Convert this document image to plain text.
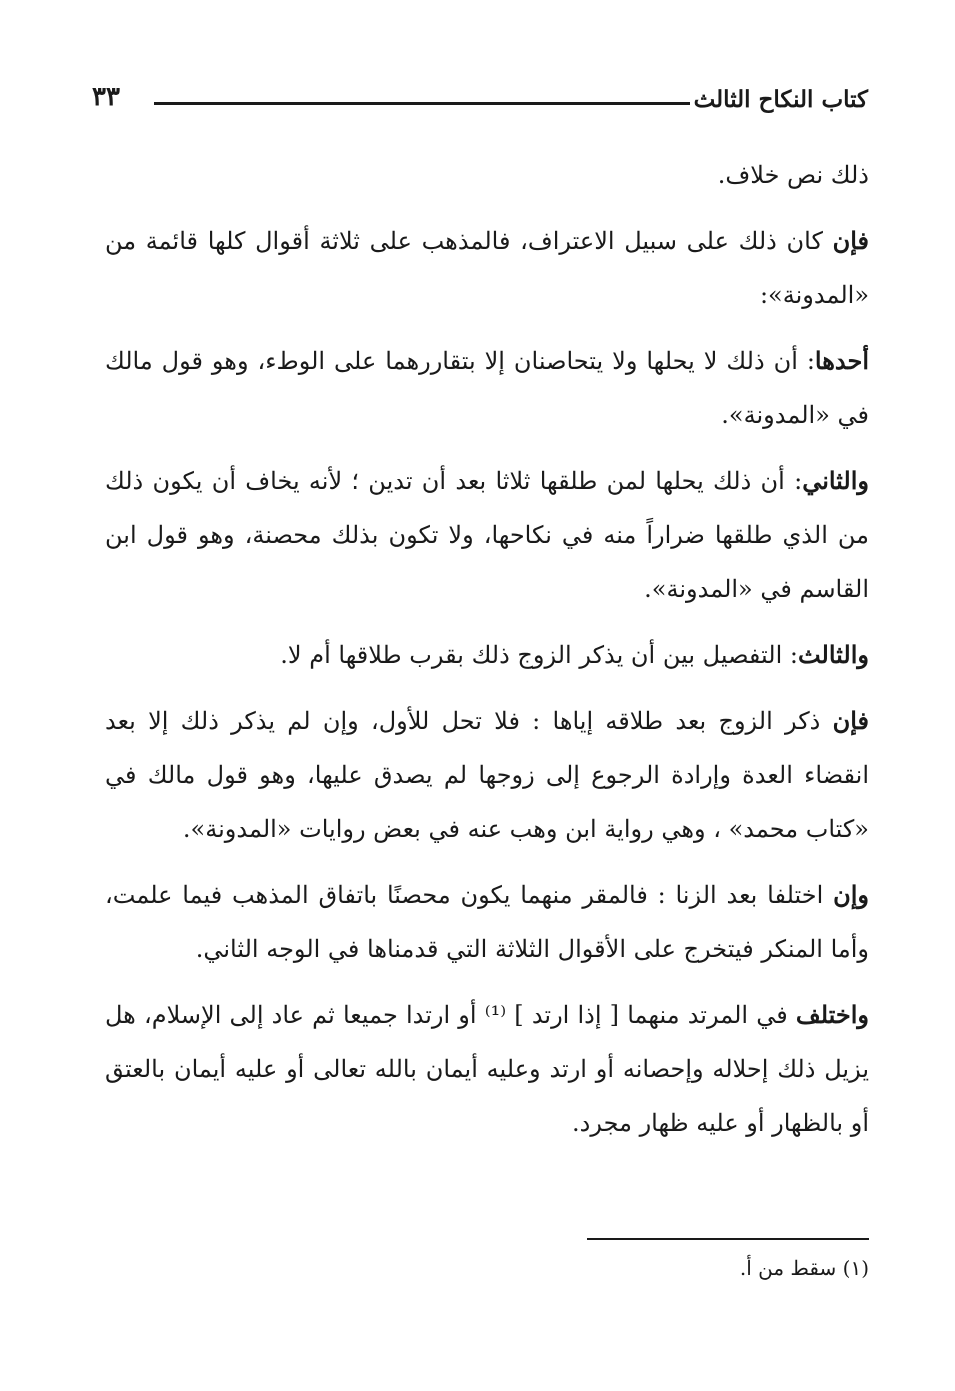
كتاب النكاح الثالث
٣٣

ذلك نص خلاف.

فإن كان ذلك على سبيل الاعتراف، فالمذهب على ثلاثة أقوال كلها قائمة من «المدونة»:

أحدها: أن ذلك لا يحلها ولا يتحاصنان إلا بتقاررهما على الوطء، وهو قول مالك في «المدونة».

والثاني: أن ذلك يحلها لمن طلقها ثلاثا بعد أن تدين ؛ لأنه يخاف أن يكون ذلك من الذي طلقها ضراراً منه في نكاحها، ولا تكون بذلك محصنة، وهو قول ابن القاسم في «المدونة».

والثالث: التفصيل بين أن يذكر الزوج ذلك بقرب طلاقها أم لا.

فإن ذكر الزوج بعد طلاقه إياها : فلا تحل للأول، وإن لم يذكر ذلك إلا بعد انقضاء العدة وإرادة الرجوع إلى زوجها لم يصدق عليها، وهو قول مالك في «كتاب محمد» ، وهي رواية ابن وهب عنه في بعض روايات «المدونة».

وإن اختلفا بعد الزنا : فالمقر منهما يكون محصنًا باتفاق المذهب فيما علمت، وأما المنكر فيتخرج على الأقوال الثلاثة التي قدمناها في الوجه الثاني.

واختلف في المرتد منهما [ إذا ارتد ] ⁽¹⁾ أو ارتدا جميعا ثم عاد إلى الإسلام، هل يزيل ذلك إحلاله وإحصانه أو ارتد وعليه أيمان بالله تعالى أو عليه أيمان بالعتق أو بالظهار أو عليه ظهار مجرد.

(١) سقط من أ.
